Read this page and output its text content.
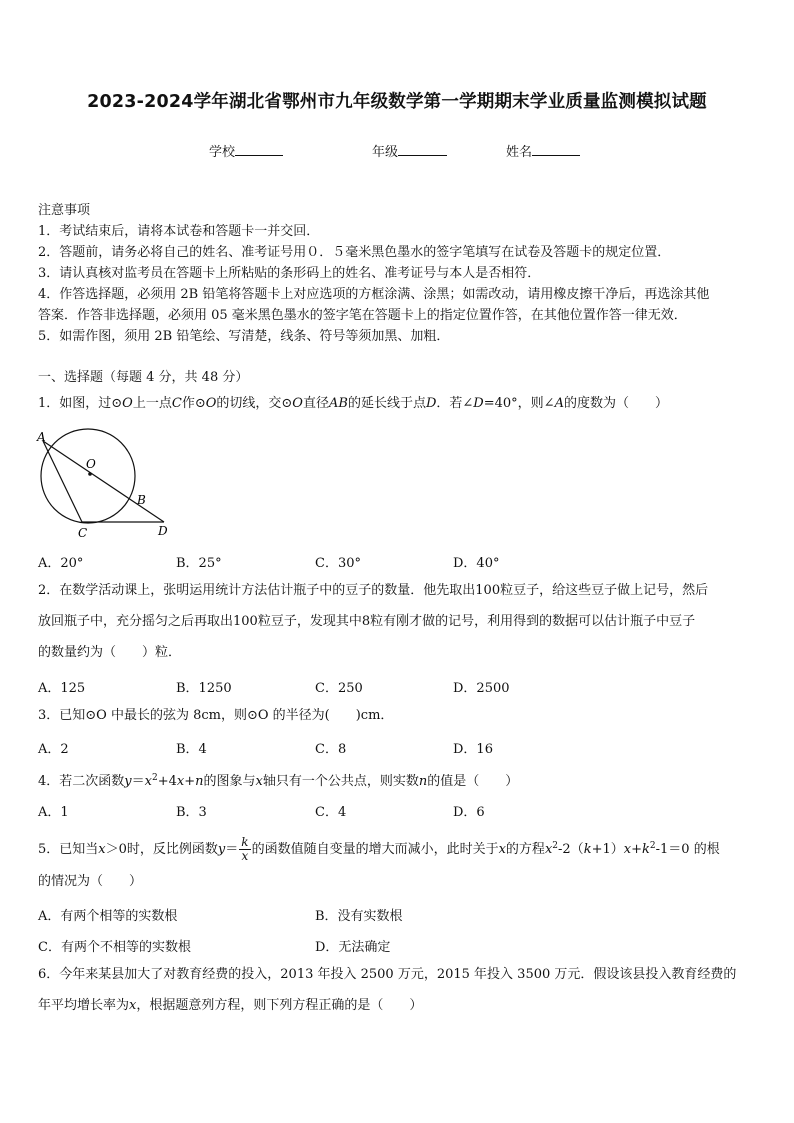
2023-2024学年湖北省鄂州市九年级数学第一学期期末学业质量监测模拟试题
学校	年级	姓名
注意事项
1．考试结束后，请将本试卷和答题卡一并交回．
2．答题前，请务必将自己的姓名、准考证号用０．５毫米黑色墨水的签字笔填写在试卷及答题卡的规定位置．
3．请认真核对监考员在答题卡上所粘贴的条形码上的姓名、准考证号与本人是否相符．
4．作答选择题，必须用 2B 铅笔将答题卡上对应选项的方框涂满、涂黑；如需改动，请用橡皮擦干净后，再选涂其他
答案．作答非选择题，必须用 05 毫米黑色墨水的签字笔在答题卡上的指定位置作答，在其他位置作答一律无效．
5．如需作图，须用 2B 铅笔绘、写清楚，线条、符号等须加黑、加粗．
一、选择题（每题 4 分，共 48 分）
1．如图，过⊙O上一点C作⊙O的切线，交⊙O直径AB的延长线于点D．若∠D=40°，则∠A的度数为（　　）
A
O
B
C	D
A．20°	B．25°	C．30°	D．40°
2．在数学活动课上，张明运用统计方法估计瓶子中的豆子的数量．他先取出100粒豆子，给这些豆子做上记号，然后
放回瓶子中，充分摇匀之后再取出100粒豆子，发现其中8粒有刚才做的记号，利用得到的数据可以估计瓶子中豆子
的数量约为（　　）粒．
A．125	B．1250	C．250	D．2500
3．已知⊙O 中最长的弦为 8cm，则⊙O 的半径为(　　)cm．
A．2	B．4	C．8	D．16
4．若二次函数$y=x^2+4x+n$的图象与x轴只有一个公共点，则实数n的值是（　　）
A．1	B．3	C．4	D．6
5．已知当x＞0时，反比例函数$y= \frac{k}{x}$ 的函数值随自变量的增大而减小，此时关于x的方程$x^2-2(k+1)x+k^2-1=0$ 的根
的情况为（　　）
A．有两个相等的实数根	B．没有实数根
C．有两个不相等的实数根	D．无法确定
6．今年来某县加大了对教育经费的投入，2013 年投入 2500 万元，2015 年投入 3500 万元．假设该县投入教育经费的
年平均增长率为x，根据题意列方程，则下列方程正确的是（　　）
